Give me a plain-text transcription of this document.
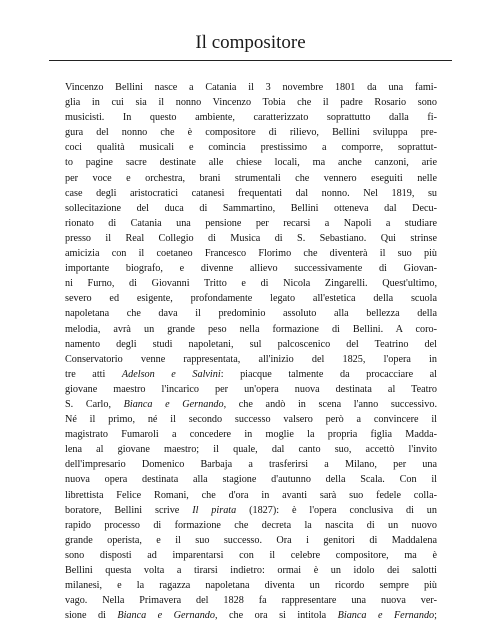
Il compositore
Vincenzo Bellini nasce a Catania il 3 novembre 1801 da una fami-
glia in cui sia il nonno Vincenzo Tobia che il padre Rosario sono
musicisti. In questo ambiente, caratterizzato soprattutto dalla fi-
gura del nonno che è compositore di rilievo, Bellini sviluppa pre-
coci qualità musicali e comincia prestissimo a comporre, soprattut-
to pagine sacre destinate alle chiese locali, ma anche canzoni, arie
per voce e orchestra, brani strumentali che vennero eseguiti nelle
case degli aristocratici catanesi frequentati dal nonno. Nel 1819, su
sollecitazione del duca di Sammartino, Bellini otteneva dal Decu-
rionato di Catania una pensione per recarsi a Napoli a studiare
presso il Real Collegio di Musica di S. Sebastiano. Qui strinse
amicizia con il coetaneo Francesco Florimo che diventerà il suo più
importante biografo, e divenne allievo successivamente di Giovan-
ni Furno, di Giovanni Tritto e di Nicola Zingarelli. Quest'ultimo,
severo ed esigente, profondamente legato all'estetica della scuola
napoletana che dava il predominio assoluto alla bellezza della
melodia, avrà un grande peso nella formazione di Bellini. A coro-
namento degli studi napoletani, sul palcoscenico del Teatrino del
Conservatorio venne rappresentata, all'inizio del 1825, l'opera in
tre atti Adelson e Salvini: piacque talmente da procacciare al
giovane maestro l'incarico per un'opera nuova destinata al Teatro
S. Carlo, Bianca e Gernando, che andò in scena l'anno successivo.
Né il primo, né il secondo successo valsero però a convincere il
magistrato Fumaroli a concedere in moglie la propria figlia Madda-
lena al giovane maestro; il quale, dal canto suo, accettò l'invito
dell'impresario Domenico Barbaja a trasferirsi a Milano, per una
nuova opera destinata alla stagione d'autunno della Scala. Con il
librettista Felice Romani, che d'ora in avanti sarà suo fedele colla-
boratore, Bellini scrive Il pirata (1827): è l'opera conclusiva di un
rapido processo di formazione che decreta la nascita di un nuovo
grande operista, e il suo successo. Ora i genitori di Maddalena
sono disposti ad imparentarsi con il celebre compositore, ma è
Bellini questa volta a tirarsi indietro: ormai è un idolo dei salotti
milanesi, e la ragazza napoletana diventa un ricordo sempre più
vago. Nella Primavera del 1828 fa rappresentare una nuova ver-
sione di Bianca e Gernando, che ora si intitola Bianca e Fernando;
